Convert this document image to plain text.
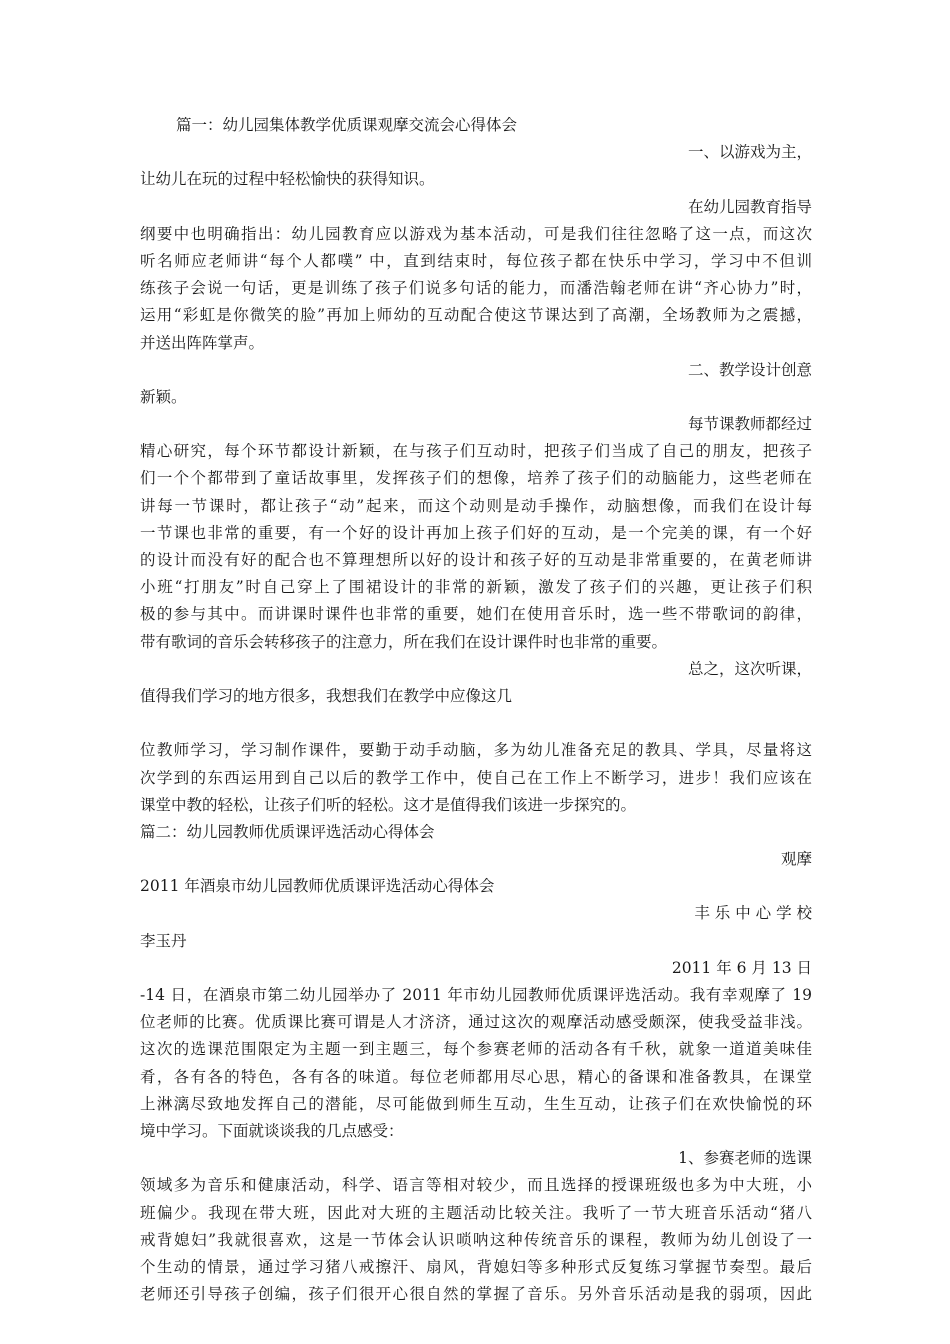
篇一：幼儿园集体教学优质课观摩交流会心得体会
一、以游戏为主，
让幼儿在玩的过程中轻松愉快的获得知识。
在幼儿园教育指导
纲要中也明确指出：幼儿园教育应以游戏为基本活动，可是我们往往忽略了这一点，而这次
听名师应老师讲“每个人都噗” 中，直到结束时，每位孩子都在快乐中学习，学习中不但训
练孩子会说一句话，更是训练了孩子们说多句话的能力，而潘浩翰老师在讲“齐心协力”时，
运用“彩虹是你微笑的脸”再加上师幼的互动配合使这节课达到了高潮，全场教师为之震撼，
并送出阵阵掌声。
二、教学设计创意
新颖。
每节课教师都经过
精心研究，每个环节都设计新颖，在与孩子们互动时，把孩子们当成了自己的朋友，把孩子
们一个个都带到了童话故事里，发挥孩子们的想像，培养了孩子们的动脑能力，这些老师在
讲每一节课时，都让孩子“动”起来，而这个动则是动手操作，动脑想像，而我们在设计每
一节课也非常的重要，有一个好的设计再加上孩子们好的互动，是一个完美的课，有一个好
的设计而没有好的配合也不算理想所以好的设计和孩子好的互动是非常重要的，在黄老师讲
小班“打朋友”时自己穿上了围裙设计的非常的新颖，激发了孩子们的兴趣，更让孩子们积
极的参与其中。而讲课时课件也非常的重要，她们在使用音乐时，选一些不带歌词的韵律，
带有歌词的音乐会转移孩子的注意力，所在我们在设计课件时也非常的重要。
总之，这次听课，
值得我们学习的地方很多，我想我们在教学中应像这几
位教师学习，学习制作课件，要勤于动手动脑，多为幼儿准备充足的教具、学具，尽量将这
次学到的东西运用到自己以后的教学工作中，使自己在工作上不断学习，进步！我们应该在
课堂中教的轻松，让孩子们听的轻松。这才是值得我们该进一步探究的。
篇二：幼儿园教师优质课评选活动心得体会
观摩
2011 年酒泉市幼儿园教师优质课评选活动心得体会
丰 乐 中 心 学 校
李玉丹
2011 年 6 月 13 日
-14 日，在酒泉市第二幼儿园举办了 2011 年市幼儿园教师优质课评选活动。我有幸观摩了 19
位老师的比赛。优质课比赛可谓是人才济济，通过这次的观摩活动感受颇深，使我受益非浅。
这次的选课范围限定为主题一到主题三，每个参赛老师的活动各有千秋，就象一道道美味佳
肴，各有各的特色，各有各的味道。每位老师都用尽心思，精心的备课和准备教具，在课堂
上淋漓尽致地发挥自己的潜能，尽可能做到师生互动，生生互动，让孩子们在欢快愉悦的环
境中学习。下面就谈谈我的几点感受：
1、参赛老师的选课
领域多为音乐和健康活动，科学、语言等相对较少，而且选择的授课班级也多为中大班，小
班偏少。我现在带大班，因此对大班的主题活动比较关注。我听了一节大班音乐活动“猪八
戒背媳妇”我就很喜欢，这是一节体会认识唢呐这种传统音乐的课程，教师为幼儿创设了一
个生动的情景，通过学习猪八戒擦汗、扇风，背媳妇等多种形式反复练习掌握节奏型。最后
老师还引导孩子创编，孩子们很开心很自然的掌握了音乐。另外音乐活动是我的弱项，因此
